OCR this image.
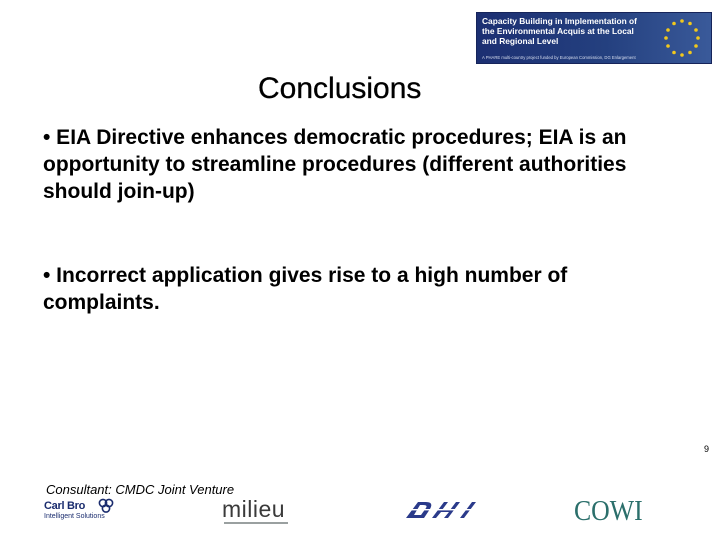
Capacity Building in Implementation of the Environmental Acquis at the Local and Regional Level

A PHARE multi-country project funded by European Commission, DG Enlargement
Conclusions

• EIA Directive enhances democratic procedures; EIA is an opportunity to streamline procedures (different authorities should join-up)

• Incorrect application gives rise to a high number of complaints.

9
Consultant: CMDC Joint Venture
Carl Bro
Intelligent Solutions	milieu	COWI
